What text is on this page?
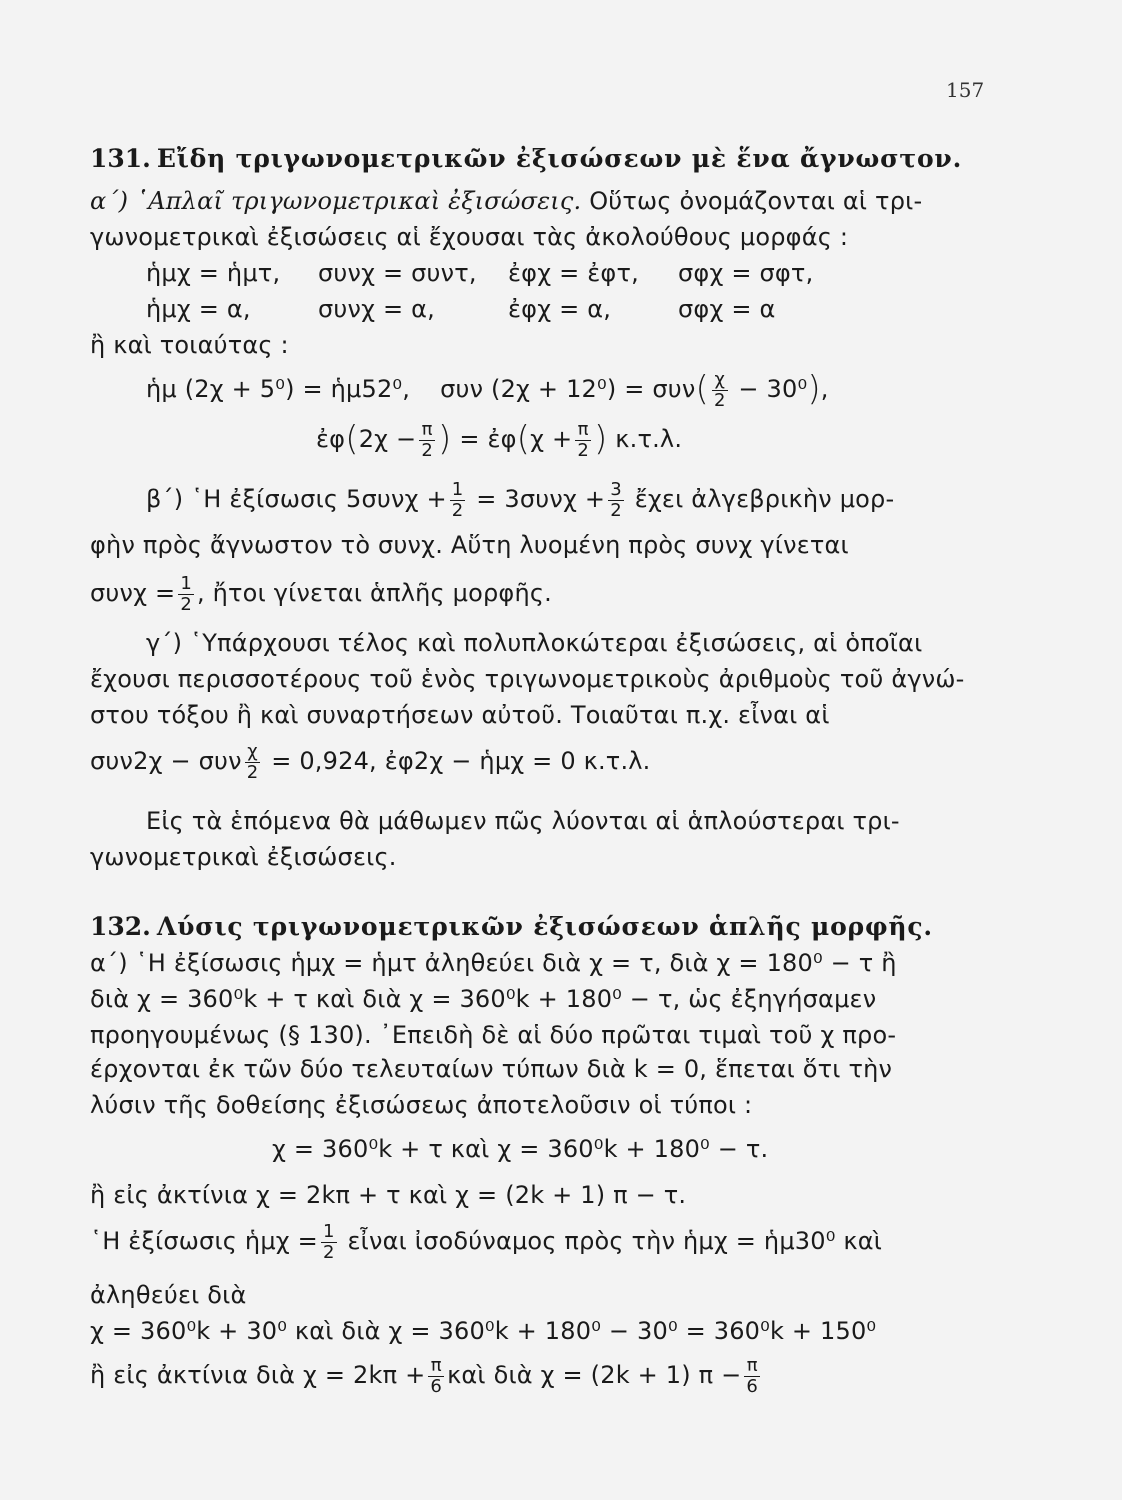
157
131. Εἴδη τριγωνομετρικῶν ἐξισώσεων μὲ ἕνα ἄγνωστον.
α΄) ῾Απλαῖ τριγωνομετρικαὶ ἐξισώσεις. Οὕτως ὀνομάζονται αἱ τρι-
γωνομετρικαὶ ἐξισώσεις αἱ ἔχουσαι τὰς ἀκολούθους μορφάς :
ἡμχ = ἡμτ, συνχ = συντ, ἐφχ = ἐφτ, σφχ = σφτ,
ἡμχ = α,	συνχ = α,	ἐφχ = α,	σφχ = α
ἢ καὶ τοιαύτας :
ἡμ (2χ + 5⁰) = ἡμ52⁰, συν $(2\chi + 12^0) = \sigma\upsilon\nu( \frac{\chi}{2} - 30^0)$,
ἐφ(2χ − $\frac{\pi}{2}$ ) = ἐφ(χ + $\frac{\pi}{2}$ ) κ.τ.λ.
β΄) ῾Η ἐξίσωσις $5\sigma\upsilon\nu\chi + \frac{1}{2} = 3\sigma\upsilon\nu\chi + \frac{3}{2}$ ἔχει ἀλγεβρικὴν μορ-
φὴν πρὸς ἄγνωστον τὸ συνχ. Αὕτη λυομένη πρὸς συνχ γίνεται
$\sigma\upsilon\nu\chi = \frac{1}{2}$ , ἤτοι γίνεται ἁπλῆς μορφῆς.
γ΄) ῾Υπάρχουσι τέλος καὶ πολυπλοκώτεραι ἐξισώσεις, αἱ ὁποῖαι
ἔχουσι περισσοτέρους τοῦ ἑνὸς τριγωνομετρικοὺς ἀριθμοὺς τοῦ ἀγνώ-
στου τόξου ἢ καὶ συναρτήσεων αὐτοῦ. Τοιαῦται π.χ. εἶναι αἱ
συν2χ − συν $\frac{\chi}{2} = 0,924$, ἐφ2χ − ἡμχ = 0 κ.τ.λ.
Εἰς τὰ ἑπόμενα θὰ μάθωμεν πῶς λύονται αἱ ἁπλούστεραι τρι-
γωνομετρικαὶ ἐξισώσεις.
132. Λύσις τριγωνομετρικῶν ἐξισώσεων ἁπλῆς μορφῆς.
α΄) ῾Η ἐξίσωσις ἡμχ = ἡμτ ἀληθεύει διὰ χ = τ, διὰ χ = 180⁰ − τ ἢ
διὰ χ = 360⁰k + τ καὶ διὰ χ = 360⁰k + 180⁰ − τ, ὡς ἐξηγήσαμεν
προηγουμένως (§ 130). ᾿Επειδὴ δὲ αἱ δύο πρῶται τιμαὶ τοῦ χ προ-
έρχονται ἐκ τῶν δύο τελευταίων τύπων διὰ k = 0, ἕπεται ὅτι τὴν
λύσιν τῆς δοθείσης ἐξισώσεως ἀποτελοῦσιν οἱ τύποι :
χ = 360⁰k + τ καὶ χ = 360⁰k + 180⁰ − τ.
ἢ εἰς ἀκτίνια χ = 2kπ + τ καὶ χ = (2k + 1) π − τ.
῾Η ἐξίσωσις ἡμχ = $\frac{1}{2}$ εἶναι ἰσοδύναμος πρὸς τὴν ἡμχ = ἡμ30⁰ καὶ
ἀληθεύει διὰ
χ = 360⁰k + 30⁰ καὶ διὰ χ = 360⁰k + 180⁰ − 30⁰ = 360⁰k + 150⁰
ἢ εἰς ἀκτίνια διὰ $\chi = 2k\pi + \frac{\pi}{6}$ καὶ διὰ χ = (2k + 1) $\pi - \frac{\pi}{6}$
